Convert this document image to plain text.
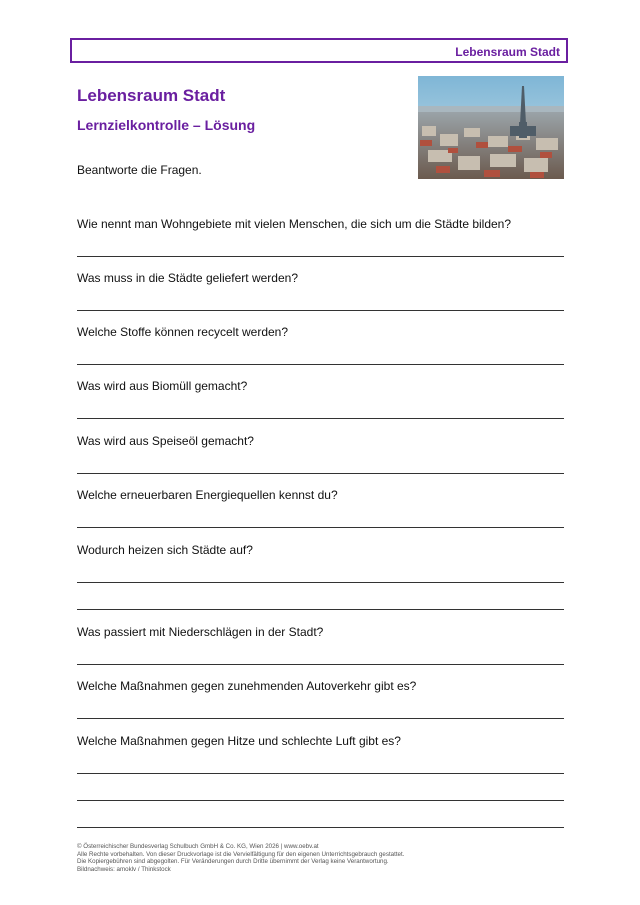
Lebensraum Stadt
Lebensraum Stadt
Lernzielkontrolle – Lösung
Beantworte die Fragen.
Wie nennt man Wohngebiete mit vielen Menschen, die sich um die Städte bilden?
Was muss in die Städte geliefert werden?
Welche Stoffe können recycelt werden?
Was wird aus Biomüll gemacht?
Was wird aus Speiseöl gemacht?
Welche erneuerbaren Energiequellen kennst du?
Wodurch heizen sich Städte auf?
Was passiert mit Niederschlägen in der Stadt?
Welche Maßnahmen gegen zunehmenden Autoverkehr gibt es?
Welche Maßnahmen gegen Hitze und schlechte Luft gibt es?
© Österreichischer Bundesverlag Schulbuch GmbH & Co. KG, Wien 2026 | www.oebv.at
Alle Rechte vorbehalten. Von dieser Druckvorlage ist die Vervielfältigung für den eigenen Unterrichtsgebrauch gestattet.
Die Kopiergebühren sind abgegolten. Für Veränderungen durch Dritte übernimmt der Verlag keine Verantwortung.
Bildnachweis: amoklv / Thinkstock
